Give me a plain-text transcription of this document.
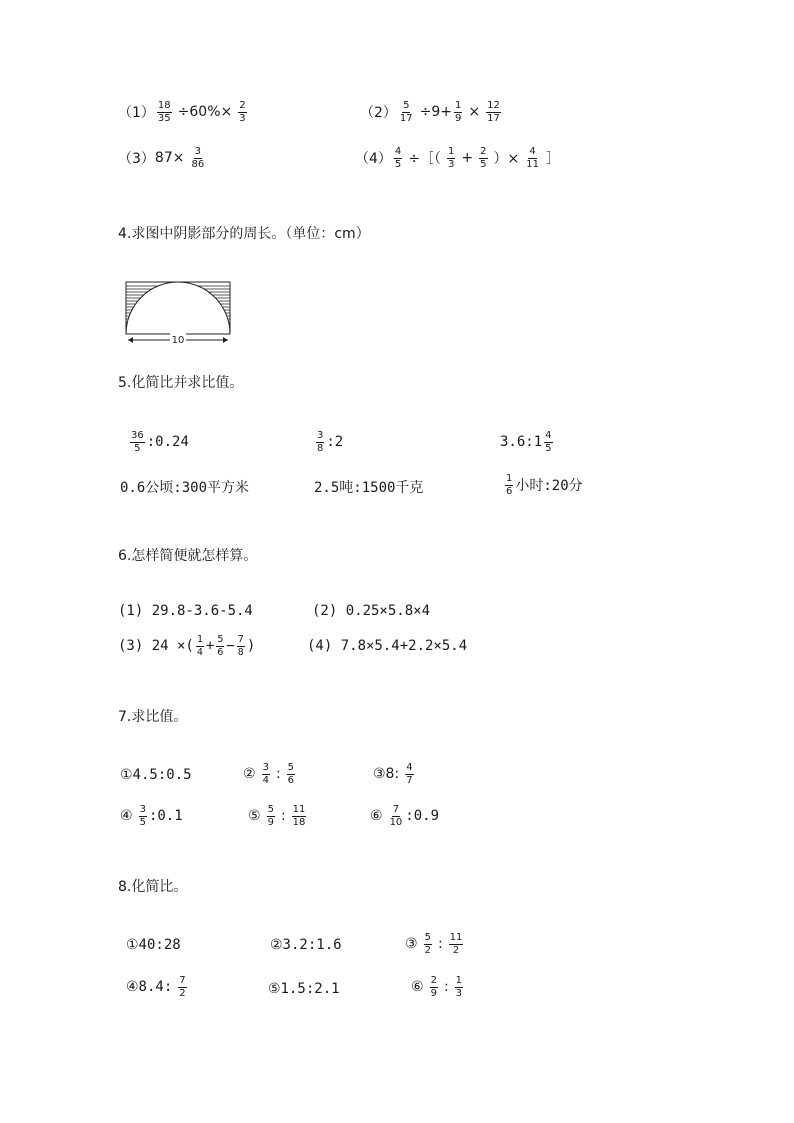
$(1) \frac{18}{35} \div 60\%\times \frac{2}{3}$	$(2) \frac{5}{17} \div 9+ \frac{1}{9} \times \frac{12}{17}$
（3） $87\times \frac{3}{86}$	$(4) \frac{4}{5}$ ÷［（ $\frac{1}{3} + \frac{2}{5}$ ）× $\frac{4}{11}$ ］
4.求图中阴影部分的周长。（单位：cm）
10
5.化简比并求比值。
$\frac{36}{5}$ :0.24	$\frac{3}{8}$ :2	3.6:1 $\frac{4}{5}$
0.6公顷:300平方米	2.5吨:1500千克	$\frac{1}{6}$ 小时:20分
6.怎样简便就怎样算。
(1) 29.8-3.6-5.4	(2) 0.25×5.8×4
(3) 24 ×( $\frac{1}{4} + \frac{5}{6} - \frac{7}{8}$ )	(4) 7.8×5.4+2.2×5.4
7.求比值。
①4.5:0.5	② $\frac{3}{4}$ : $\frac{5}{6}$	③8: $\frac{4}{7}$
④ $\frac{3}{5}$ :0.1	⑤ $\frac{5}{9}$ : $\frac{11}{18}$	⑥ $\frac{7}{10}$ :0.9
8.化简比。
①40:28	②3.2:1.6	③ $\frac{5}{2}$ : $\frac{11}{2}$
④8.4: $\frac{7}{2}$	⑤1.5:2.1	⑥ $\frac{2}{9}$ : $\frac{1}{3}$
